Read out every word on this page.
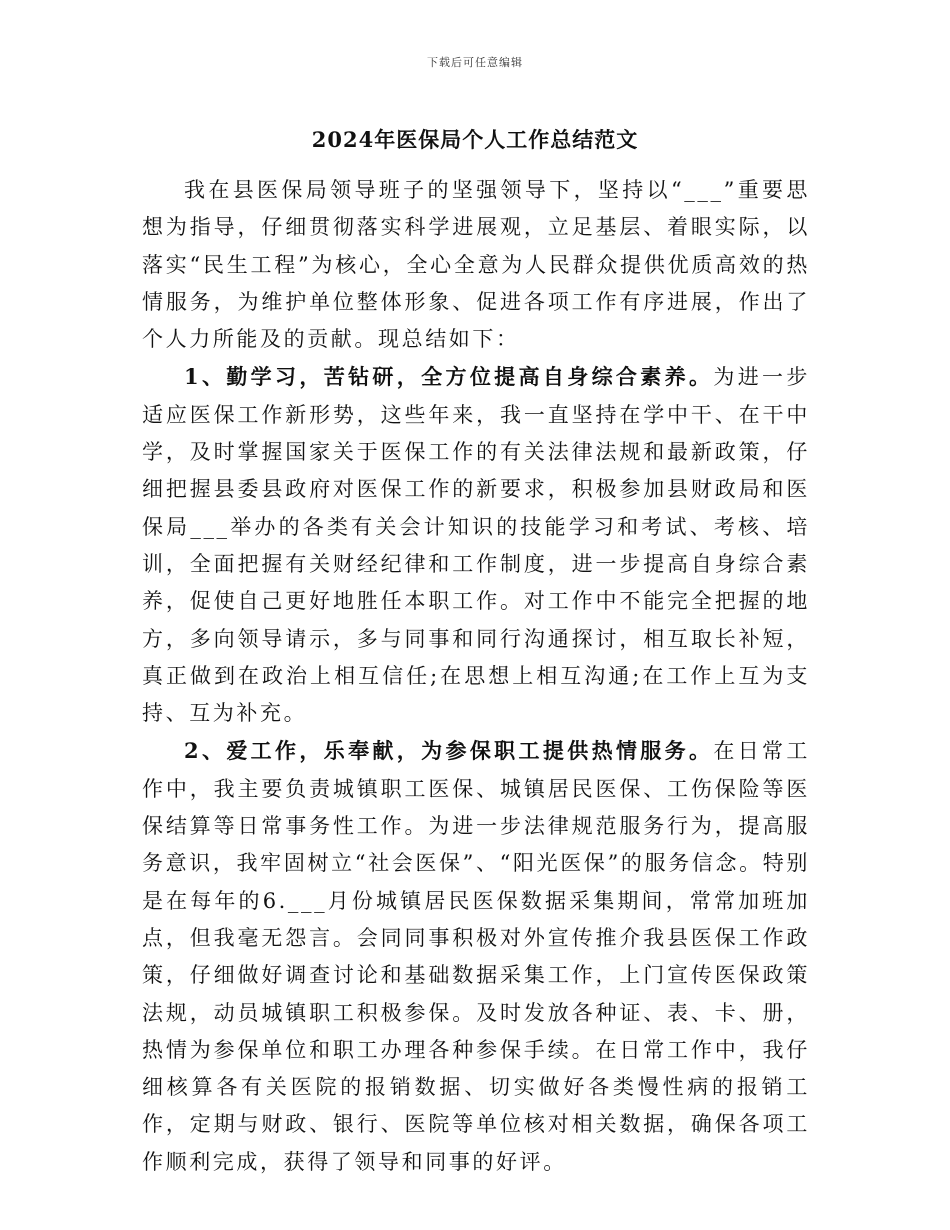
下载后可任意编辑
2024年医保局个人工作总结范文

我在县医保局领导班子的坚强领导下，坚持以“___”重要思想为指导，仔细贯彻落实科学进展观，立足基层、着眼实际，以落实“民生工程”为核心，全心全意为人民群众提供优质高效的热情服务，为维护单位整体形象、促进各项工作有序进展，作出了个人力所能及的贡献。现总结如下：

1、勤学习，苦钻研，全方位提高自身综合素养。为进一步适应医保工作新形势，这些年来，我一直坚持在学中干、在干中学，及时掌握国家关于医保工作的有关法律法规和最新政策，仔细把握县委县政府对医保工作的新要求，积极参加县财政局和医保局___举办的各类有关会计知识的技能学习和考试、考核、培训，全面把握有关财经纪律和工作制度，进一步提高自身综合素养，促使自己更好地胜任本职工作。对工作中不能完全把握的地方，多向领导请示，多与同事和同行沟通探讨，相互取长补短，真正做到在政治上相互信任;在思想上相互沟通;在工作上互为支持、互为补充。

2、爱工作，乐奉献，为参保职工提供热情服务。在日常工作中，我主要负责城镇职工医保、城镇居民医保、工伤保险等医保结算等日常事务性工作。为进一步法律规范服务行为，提高服务意识，我牢固树立“社会医保”、“阳光医保”的服务信念。特别是在每年的6.___月份城镇居民医保数据采集期间，常常加班加点，但我毫无怨言。会同同事积极对外宣传推介我县医保工作政策，仔细做好调查讨论和基础数据采集工作，上门宣传医保政策法规，动员城镇职工积极参保。及时发放各种证、表、卡、册，热情为参保单位和职工办理各种参保手续。在日常工作中，我仔细核算各有关医院的报销数据、切实做好各类慢性病的报销工作，定期与财政、银行、医院等单位核对相关数据，确保各项工作顺利完成，获得了领导和同事的好评。
